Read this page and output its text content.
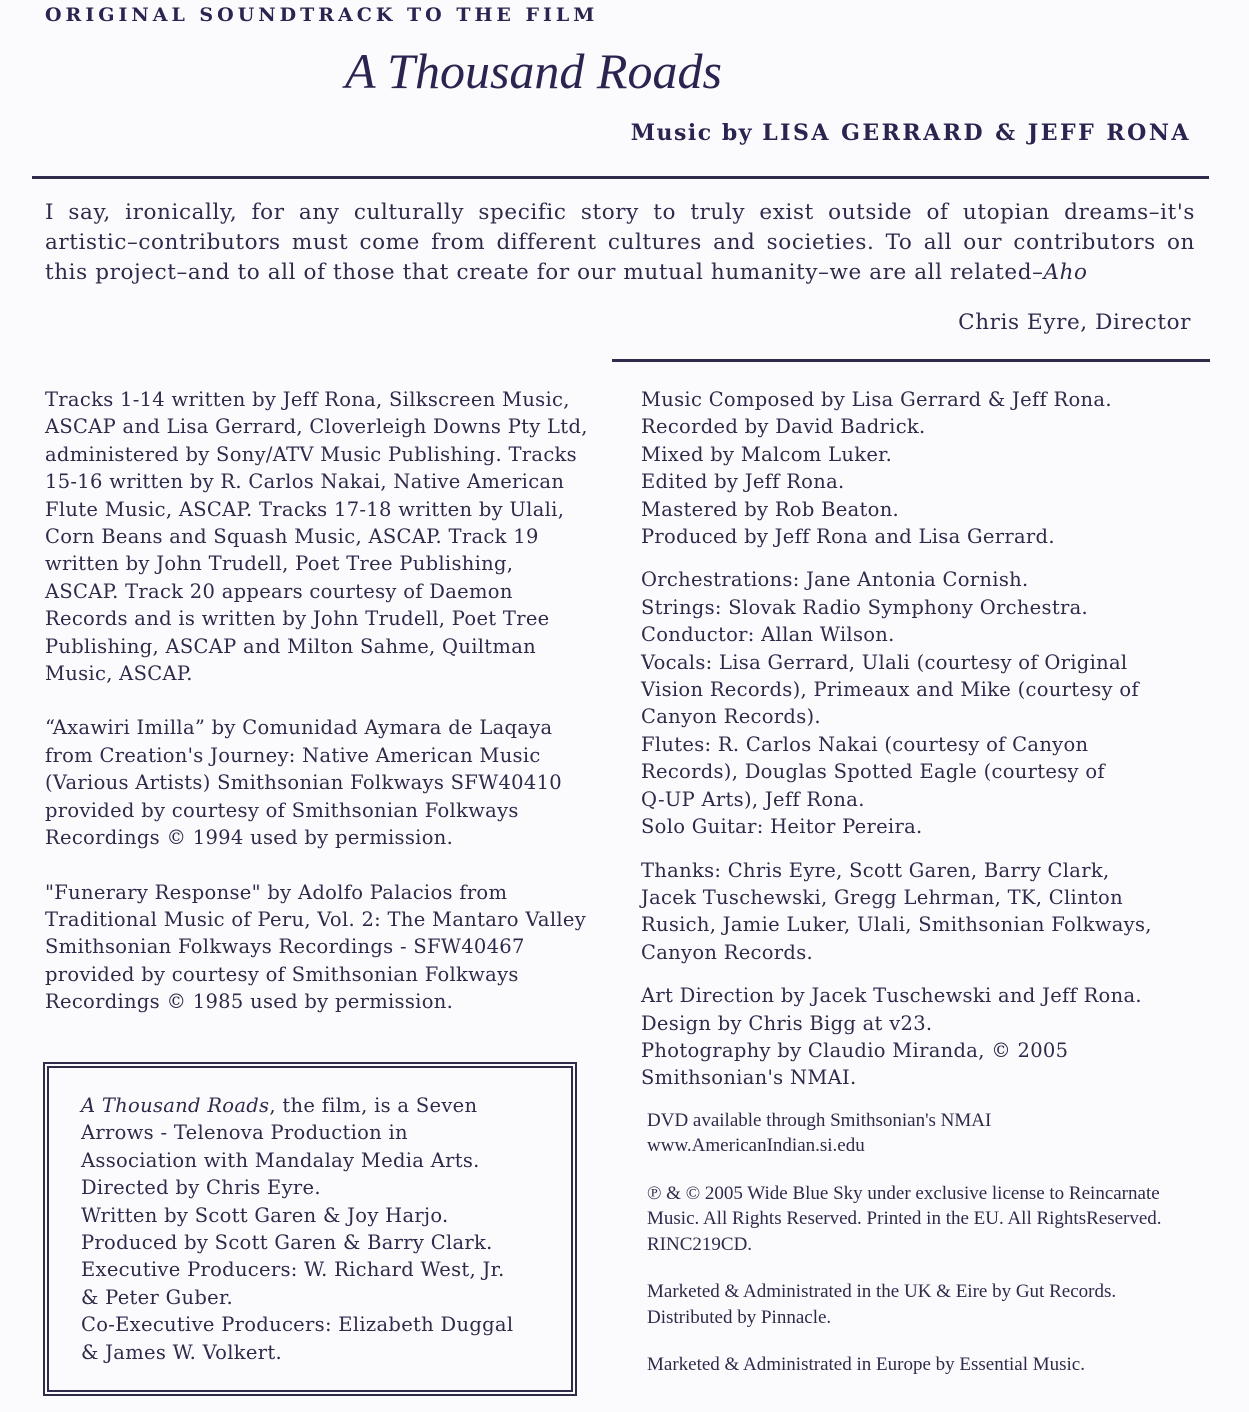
ORIGINAL SOUNDTRACK TO THE FILM
A Thousand Roads
Music by LISA GERRARD & JEFF RONA

I say, ironically, for any culturally specific story to truly exist outside of utopian dreams–it's artistic–contributors must come from different cultures and societies. To all our contributors on this project–and to all of those that create for our mutual humanity–we are all related–Aho

Chris Eyre, Director

Tracks 1-14 written by Jeff Rona, Silkscreen Music, ASCAP and Lisa Gerrard, Cloverleigh Downs Pty Ltd, administered by Sony/ATV Music Publishing. Tracks 15-16 written by R. Carlos Nakai, Native American Flute Music, ASCAP. Tracks 17-18 written by Ulali, Corn Beans and Squash Music, ASCAP. Track 19 written by John Trudell, Poet Tree Publishing, ASCAP. Track 20 appears courtesy of Daemon Records and is written by John Trudell, Poet Tree Publishing, ASCAP and Milton Sahme, Quiltman Music, ASCAP.

“Axawiri Imilla” by Comunidad Aymara de Laqaya from Creation's Journey: Native American Music (Various Artists) Smithsonian Folkways SFW40410 provided by courtesy of Smithsonian Folkways Recordings © 1994 used by permission.

"Funerary Response" by Adolfo Palacios from Traditional Music of Peru, Vol. 2: The Mantaro Valley Smithsonian Folkways Recordings - SFW40467 provided by courtesy of Smithsonian Folkways Recordings © 1985 used by permission.

A Thousand Roads, the film, is a Seven
Arrows - Telenova Production in
Association with Mandalay Media Arts.
Directed by Chris Eyre.
Written by Scott Garen & Joy Harjo.
Produced by Scott Garen & Barry Clark.
Executive Producers: W. Richard West, Jr.
& Peter Guber.
Co-Executive Producers: Elizabeth Duggal
& James W. Volkert.
Music Composed by Lisa Gerrard & Jeff Rona.
Recorded by David Badrick.
Mixed by Malcom Luker.
Edited by Jeff Rona.
Mastered by Rob Beaton.
Produced by Jeff Rona and Lisa Gerrard.
Orchestrations: Jane Antonia Cornish.
Strings: Slovak Radio Symphony Orchestra.
Conductor: Allan Wilson.
Vocals: Lisa Gerrard, Ulali (courtesy of Original
Vision Records), Primeaux and Mike (courtesy of
Canyon Records).
Flutes: R. Carlos Nakai (courtesy of Canyon
Records), Douglas Spotted Eagle (courtesy of
Q-UP Arts), Jeff Rona.
Solo Guitar: Heitor Pereira.
Thanks: Chris Eyre, Scott Garen, Barry Clark,
Jacek Tuschewski, Gregg Lehrman, TK, Clinton
Rusich, Jamie Luker, Ulali, Smithsonian Folkways,
Canyon Records.
Art Direction by Jacek Tuschewski and Jeff Rona.
Design by Chris Bigg at v23.
Photography by Claudio Miranda, © 2005
Smithsonian's NMAI.

DVD available through Smithsonian's NMAI
www.AmericanIndian.si.edu

℗ & © 2005 Wide Blue Sky under exclusive license to Reincarnate Music. All Rights Reserved. Printed in the EU. All RightsReserved. RINC219CD.

Marketed & Administrated in the UK & Eire by Gut Records. Distributed by Pinnacle.

Marketed & Administrated in Europe by Essential Music.
